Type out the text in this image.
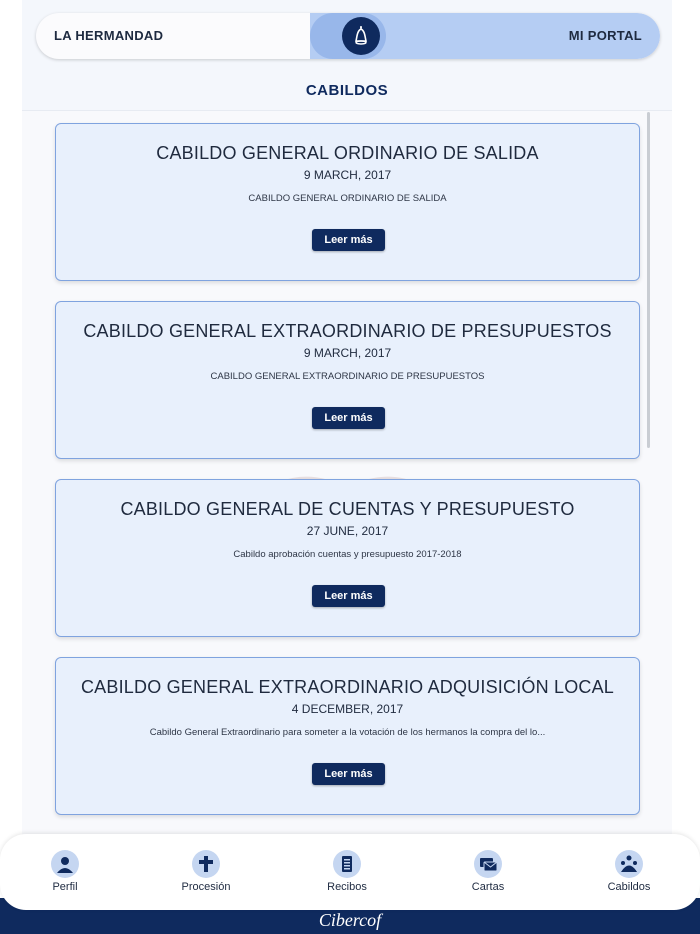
LA HERMANDAD	MI PORTAL
CABILDOS
CABILDO GENERAL ORDINARIO DE SALIDA
9 MARCH, 2017
CABILDO GENERAL ORDINARIO DE SALIDA
Leer más
CABILDO GENERAL EXTRAORDINARIO DE PRESUPUESTOS
9 MARCH, 2017
CABILDO GENERAL EXTRAORDINARIO DE PRESUPUESTOS
Leer más
CABILDO GENERAL DE CUENTAS Y PRESUPUESTO
27 JUNE, 2017
Cabildo aprobación cuentas y presupuesto 2017-2018
Leer más
CABILDO GENERAL EXTRAORDINARIO ADQUISICIÓN LOCAL
4 DECEMBER, 2017
Cabildo General Extraordinario para someter a la votación de los hermanos la compra del lo...
Leer más
Cibercof
Perfil	Procesión	Recibos	Cartas	Cabildos
